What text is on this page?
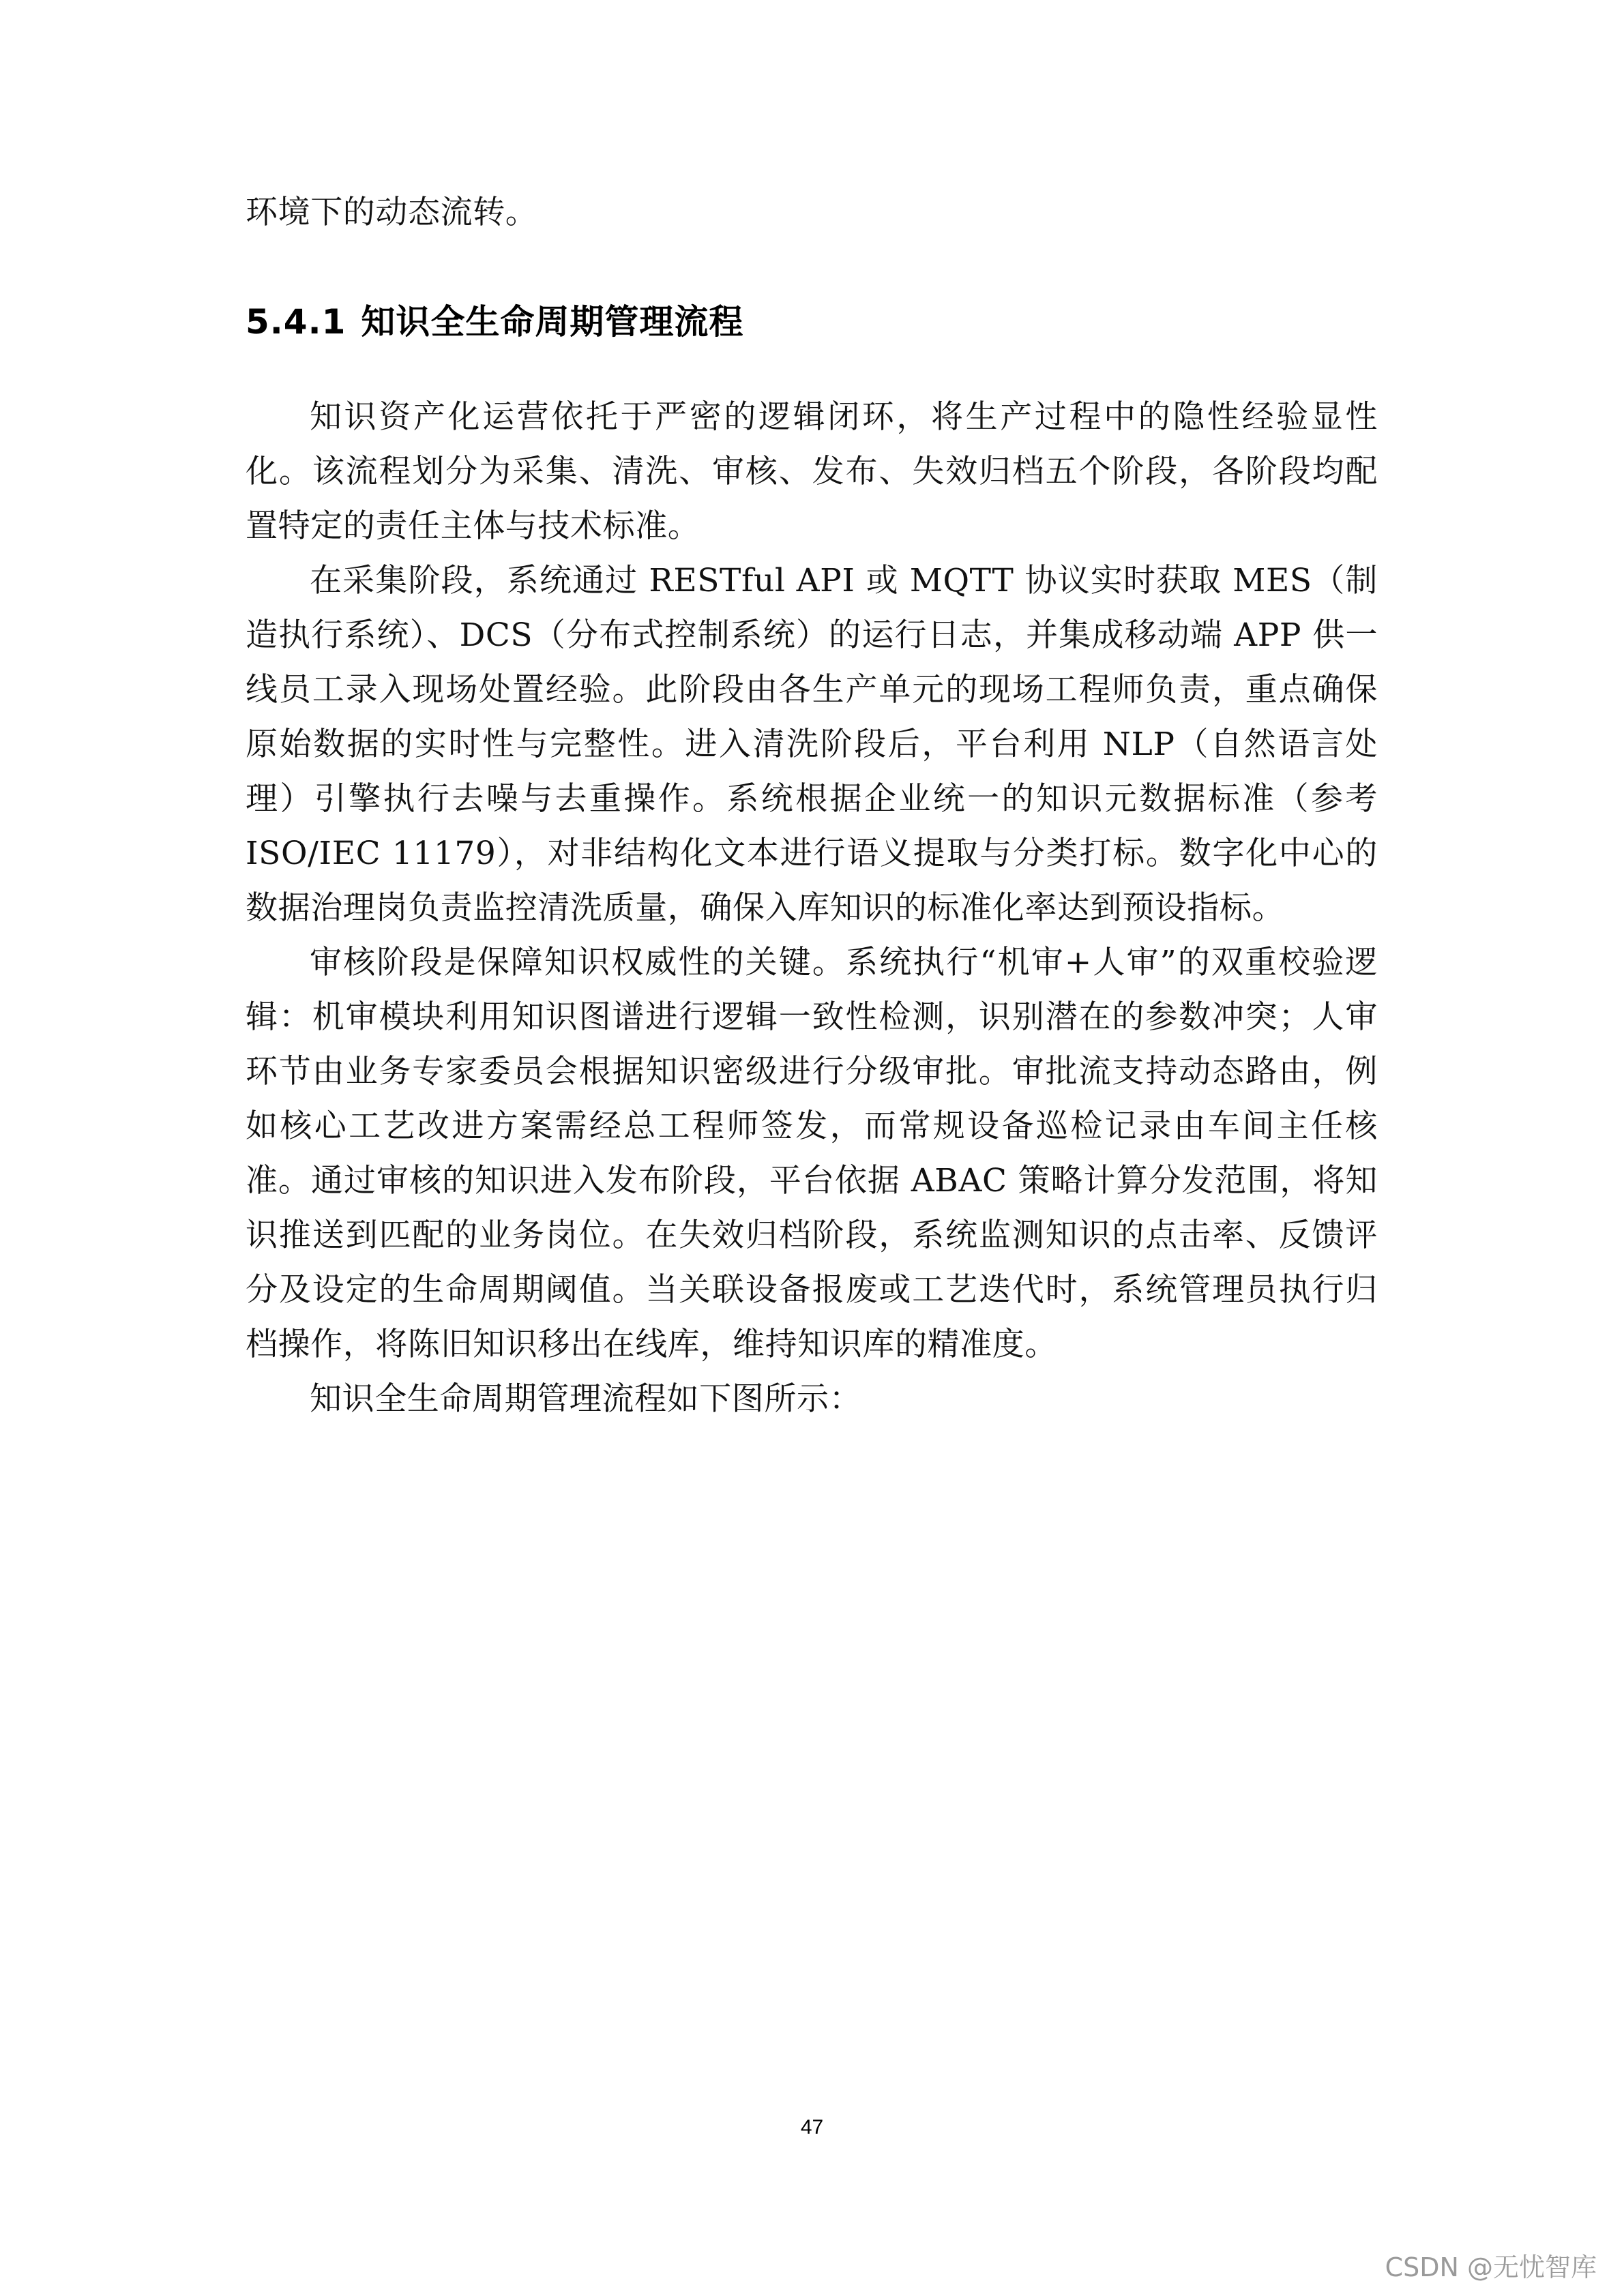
环境下的动态流转。

5.4.1 知识全生命周期管理流程

知识资产化运营依托于严密的逻辑闭环，将生产过程中的隐性经验显性化。该流程划分为采集、清洗、审核、发布、失效归档五个阶段，各阶段均配置特定的责任主体与技术标准。

在采集阶段，系统通过 RESTful API 或 MQTT 协议实时获取 MES（制造执行系统）、DCS（分布式控制系统）的运行日志，并集成移动端 APP 供一线员工录入现场处置经验。此阶段由各生产单元的现场工程师负责，重点确保原始数据的实时性与完整性。进入清洗阶段后，平台利用 NLP（自然语言处理）引擎执行去噪与去重操作。系统根据企业统一的知识元数据标准（参考 ISO/IEC 11179），对非结构化文本进行语义提取与分类打标。数字化中心的数据治理岗负责监控清洗质量，确保入库知识的标准化率达到预设指标。

审核阶段是保障知识权威性的关键。系统执行“机审+人审”的双重校验逻辑：机审模块利用知识图谱进行逻辑一致性检测，识别潜在的参数冲突；人审环节由业务专家委员会根据知识密级进行分级审批。审批流支持动态路由，例如核心工艺改进方案需经总工程师签发，而常规设备巡检记录由车间主任核准。通过审核的知识进入发布阶段，平台依据 ABAC 策略计算分发范围，将知识推送到匹配的业务岗位。在失效归档阶段，系统监测知识的点击率、反馈评分及设定的生命周期阈值。当关联设备报废或工艺迭代时，系统管理员执行归档操作，将陈旧知识移出在线库，维持知识库的精准度。

知识全生命周期管理流程如下图所示：

47

CSDN @无忧智库
